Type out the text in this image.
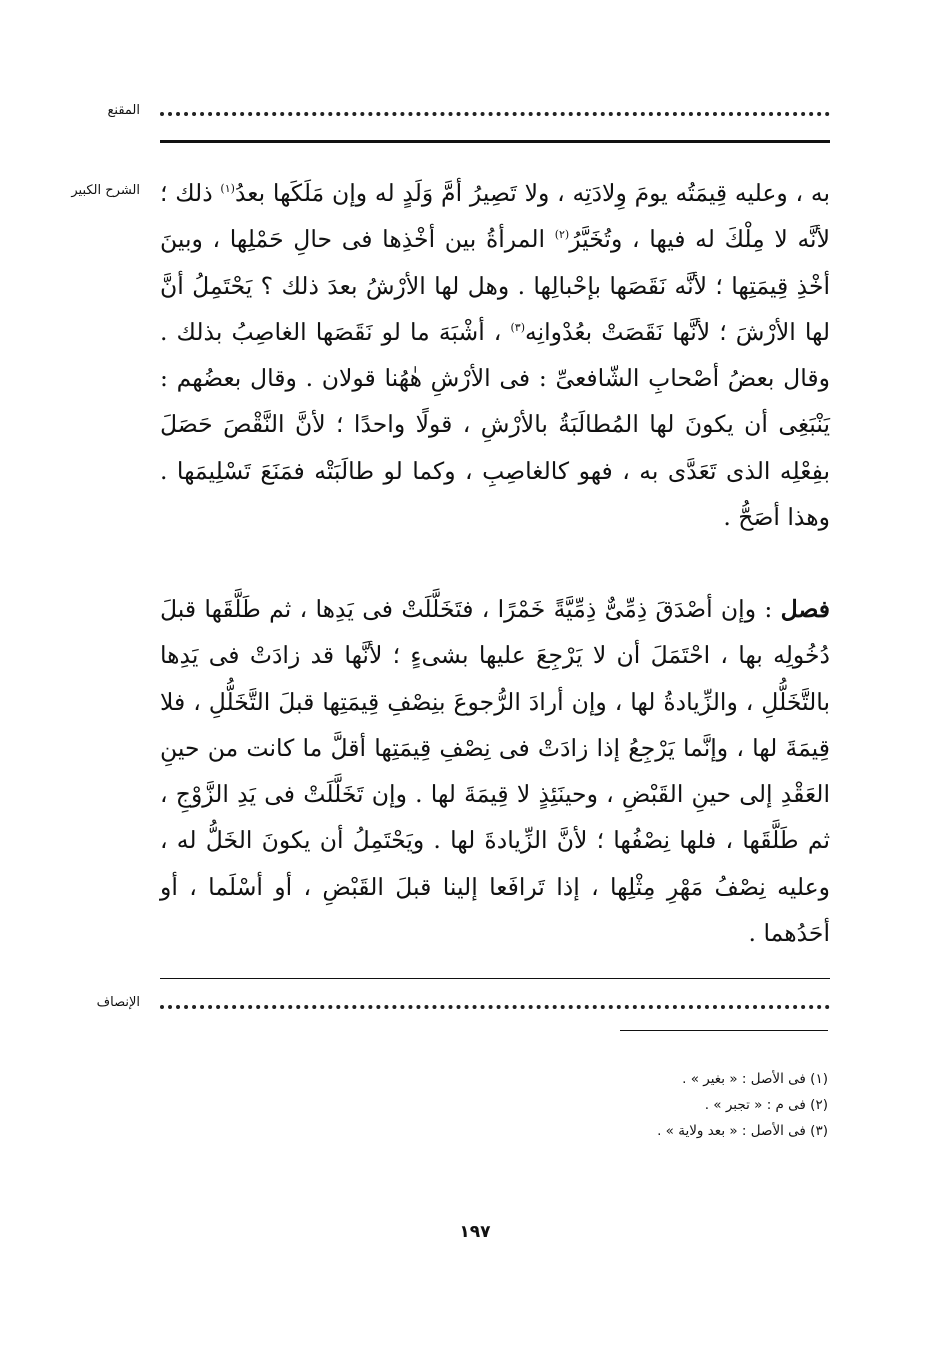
المقنع
الشرح الكبير	به ، وعليه قِيمَتُه يومَ وِلادَتِه ، ولا تَصِيرُ أمَّ وَلَدٍ له وإن مَلَكَها بعدُ$^{(١)}$ ذلك ؛ لأنَّه لا مِلْكَ له فيها ، وتُخَيَّرُ$^{(٢)}$ المرأةُ بين أخْذِها فى حالِ حَمْلِها ، وبينَ أخْذِ قِيمَتِها ؛ لأنَّه نَقَصَها بإحْبالِها . وهل لها الأرْشُ بعدَ ذلك ؟ يَحْتَمِلُ أنَّ لها الأرْشَ ؛ لأنَّها نَقَصَتْ بعُدْوانِه$^{(٣)}$ ، أشْبَهَ ما لو نَقَصَها الغاصِبُ بذلك . وقال بعضُ أصْحابِ الشّافعىِّ : فى الأرْشِ هٰهُنا قولان . وقال بعضُهم : يَنْبَغِى أن يكونَ لها المُطالَبَةُ بالأرْشِ ، قولًا واحدًا ؛ لأنَّ النَّقْصَ حَصَلَ بفِعْلِه الذى تَعَدَّى به ، فهو كالغاصِبِ ، وكما لو طالَبَتْه فمَنَعَ تَسْلِيمَها . وهذا أصَحُّ .

فصل : وإن أصْدَقَ ذِمِّىٌّ ذِمِّيَّةً خَمْرًا ، فتَخَلَّلَتْ فى يَدِها ، ثم طَلَّقَها قبلَ دُخُولِه بها ، احْتَمَلَ أن لا يَرْجِعَ عليها بشىءٍ ؛ لأنَّها قد زادَتْ فى يَدِها بالتَّخَلُّلِ ، والزِّيادةُ لها ، وإن أرادَ الرُّجوعَ بنِصْفِ قِيمَتِها قبلَ التَّخَلُّلِ ، فلا قِيمَةَ لها ، وإنَّما يَرْجِعُ إذا زادَتْ فى نِصْفِ قِيمَتِها أقلَّ ما كانت من حينِ العَقْدِ إلى حينِ القَبْضِ ، وحينَئِذٍ لا قِيمَةَ لها . وإن تَخَلَّلَتْ فى يَدِ الزَّوْجِ ، ثم طَلَّقَها ، فلها نِصْفُها ؛ لأنَّ الزِّيادةَ لها . ويَحْتَمِلُ أن يكونَ الخَلُّ له ، وعليه نِصْفُ مَهْرِ مِثْلِها ، إذا تَرافَعا إلينا قبلَ القَبْضِ ، أو أسْلَما ، أو أحَدُهما .

الإنصاف
(١) فى الأصل : « بغير » .
(٢) فى م : « تجبر » .
(٣) فى الأصل : « بعد ولاية » .
١٩٧
